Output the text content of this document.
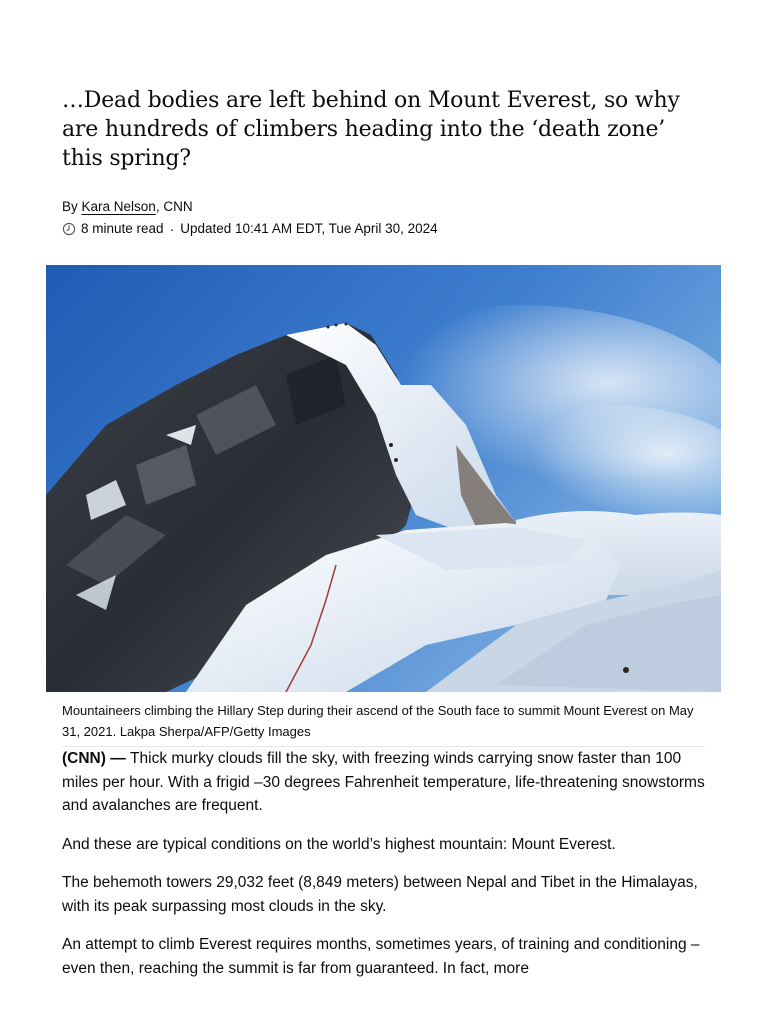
…Dead bodies are left behind on Mount Everest, so why are hundreds of climbers heading into the ‘death zone’ this spring?
By Kara Nelson, CNN
8 minute read · Updated 10:41 AM EDT, Tue April 30, 2024
Mountaineers climbing the Hillary Step during their ascend of the South face to summit Mount Everest on May 31, 2021. Lakpa Sherpa/AFP/Getty Images

(CNN) — Thick murky clouds fill the sky, with freezing winds carrying snow faster than 100 miles per hour. With a frigid –30 degrees Fahrenheit temperature, life-threatening snowstorms and avalanches are frequent.

And these are typical conditions on the world’s highest mountain: Mount Everest.

The behemoth towers 29,032 feet (8,849 meters) between Nepal and Tibet in the Himalayas, with its peak surpassing most clouds in the sky.

An attempt to climb Everest requires months, sometimes years, of training and conditioning – even then, reaching the summit is far from guaranteed. In fact, more
